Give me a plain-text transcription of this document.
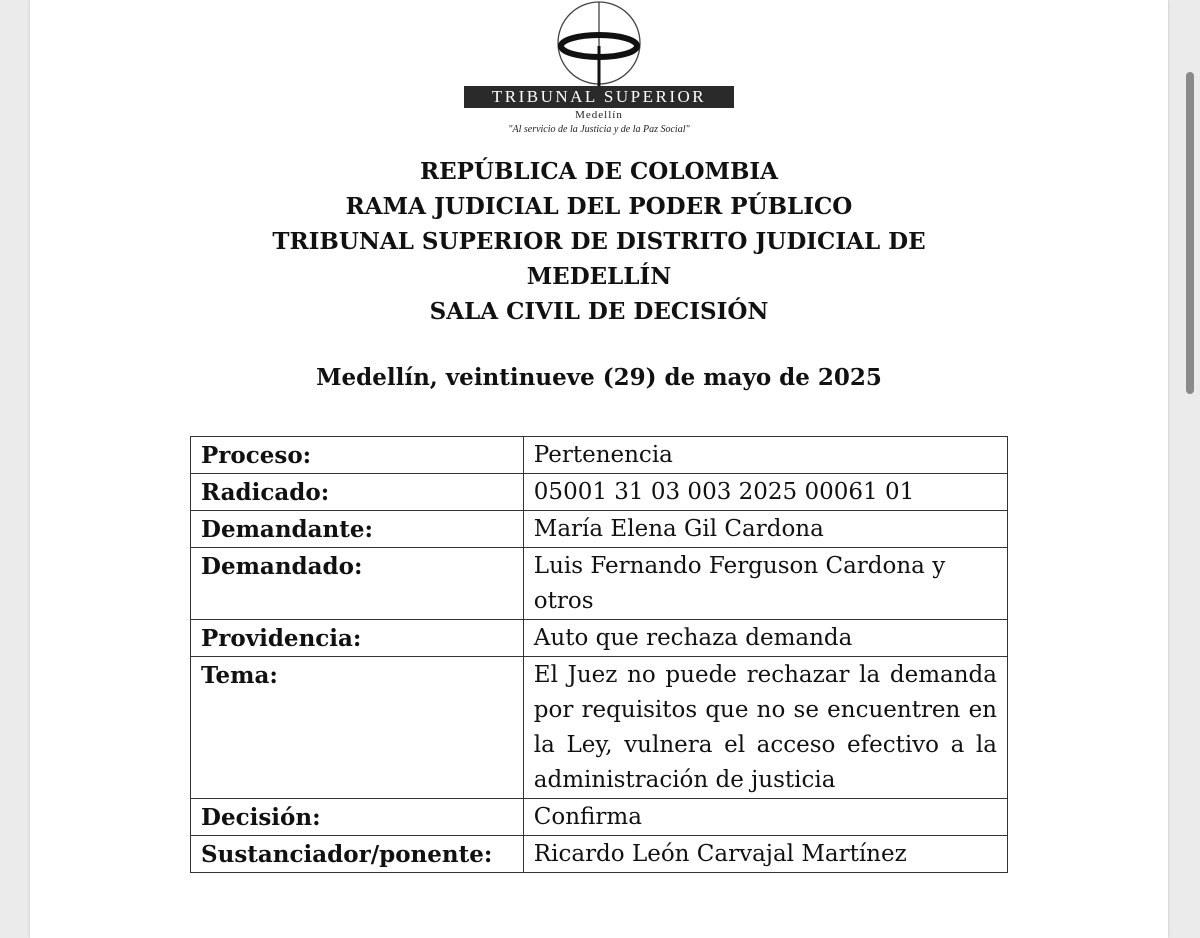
TRIBUNAL SUPERIOR
Medellín
"Al servicio de la Justicia y de la Paz Social"
REPÚBLICA DE COLOMBIA
RAMA JUDICIAL DEL PODER PÚBLICO
TRIBUNAL SUPERIOR DE DISTRITO JUDICIAL DE
MEDELLÍN
SALA CIVIL DE DECISIÓN
Medellín, veintinueve (29) de mayo de 2025
Proceso:	Pertenencia
Radicado:	05001 31 03 003 2025 00061 01
Demandante:	María Elena Gil Cardona
Demandado:	Luis Fernando Ferguson Cardona y otros
Providencia:	Auto que rechaza demanda
Tema:	El Juez no puede rechazar la demanda por requisitos que no se encuentren en la Ley, vulnera el acceso efectivo a la administración de justicia
Decisión:	Confirma
Sustanciador/ponente:	Ricardo León Carvajal Martínez
